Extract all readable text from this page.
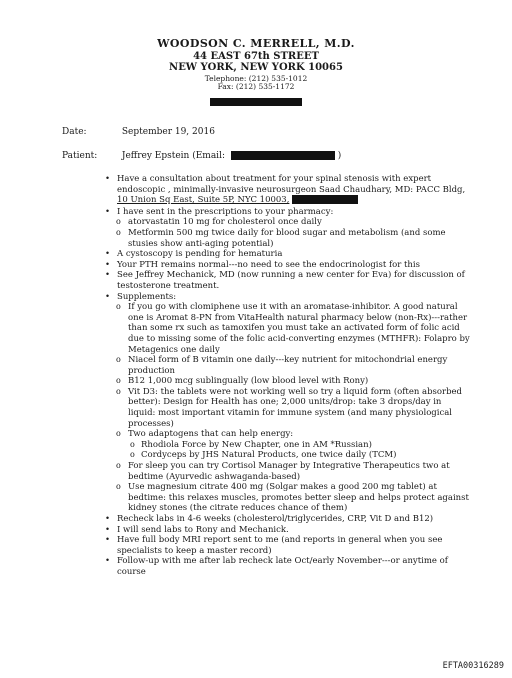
WOODSON C. MERRELL, M.D.
44 EAST 67th STREET
NEW YORK, NEW YORK 10065
Telephone: (212) 535-1012
Fax: (212) 535-1172
Date:	September 19, 2016
Patient:	Jeffrey Epstein (Email:	)
• Have a consultation about treatment for your spinal stenosis with expert
endoscopic , minimally-invasive neurosurgeon Saad Chaudhary, MD: PACC Bldg,
10 Union Sq East, Suite 5P, NYC 10003,
• I have sent in the prescriptions to your pharmacy:
o atorvastatin 10 mg for cholesterol once daily
o Metformin 500 mg twice daily for blood sugar and metabolism (and some
stusies show anti-aging potential)
• A cystoscopy is pending for hematuria
• Your PTH remains normal---no need to see the endocrinologist for this
• See Jeffrey Mechanick, MD (now running a new center for Eva) for discussion of
testosterone treatment.
• Supplements:
o If you go with clomiphene use it with an aromatase-inhibitor. A good natural
one is Aromat 8-PN from VitaHealth natural pharmacy below (non-Rx)---rather
than some rx such as tamoxifen you must take an activated form of folic acid
due to missing some of the folic acid-converting enzymes (MTHFR): Folapro by
Metagenics one daily
o Niacel form of B vitamin one daily---key nutrient for mitochondrial energy
production
o B12 1,000 mcg sublingually (low blood level with Rony)
o Vit D3: the tablets were not working well so try a liquid form (often absorbed
better): Design for Health has one; 2,000 units/drop: take 3 drops/day in
liquid: most important vitamin for immune system (and many physiological
processes)
o Two adaptogens that can help energy:
o Rhodiola Force by New Chapter, one in AM *Russian)
o Cordyceps by JHS Natural Products, one twice daily (TCM)
o For sleep you can try Cortisol Manager by Integrative Therapeutics two at
bedtime (Ayurvedic ashwaganda-based)
o Use magnesium citrate 400 mg (Solgar makes a good 200 mg tablet) at
bedtime: this relaxes muscles, promotes better sleep and helps protect against
kidney stones (the citrate reduces chance of them)
• Recheck labs in 4-6 weeks (cholesterol/triglycerides, CRP, Vit D and B12)
• I will send labs to Rony and Mechanick.
• Have full body MRI report sent to me (and reports in general when you see
specialists to keep a master record)
• Follow-up with me after lab recheck late Oct/early November---or anytime of
course
EFTA00316289
